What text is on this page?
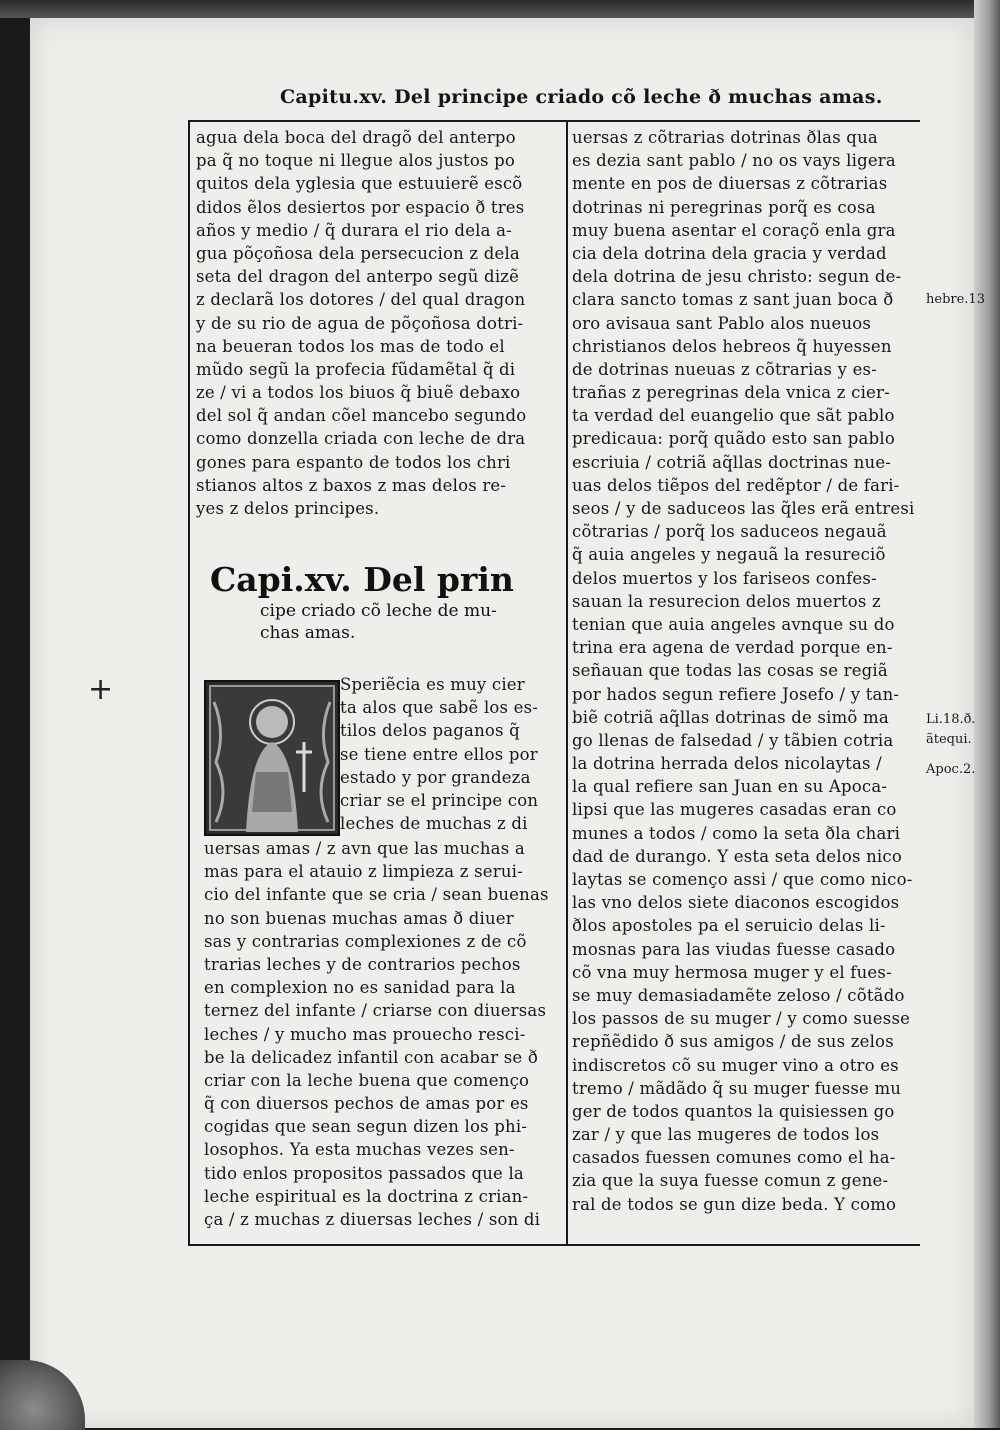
Capitu.xv. Del principe criado cõ leche ð muchas amas.
agua dela boca del dragõ del anterpo
pa q̃ no toque ni llegue alos justos po
quitos dela yglesia que estuuierẽ escõ
didos ẽlos desiertos por espacio ð tres
años y medio / q̃ durara el rio dela a-
gua põçoñosa dela persecucion z dela
seta del dragon del anterpo segũ dizẽ
z declarã los dotores / del qual dragon
y de su rio de agua de põçoñosa dotri-
na beueran todos los mas de todo el
mũdo segũ la profecia fũdamẽtal q̃ di
ze / vi a todos los biuos q̃ biuẽ debaxo
del sol q̃ andan cõel mancebo segundo
como donzella criada con leche de dra
gones para espanto de todos los chri
stianos altos z baxos z mas delos re-
yes z delos principes.
Capi.xv. Del prin
cipe criado cõ leche de mu-
chas amas.
Speriẽcia es muy cier
ta alos que sabẽ los es-
tilos delos paganos q̃
se tiene entre ellos por
estado y por grandeza
criar se el principe con
leches de muchas z di
uersas amas / z avn que las muchas a
mas para el atauio z limpieza z serui-
cio del infante que se cria / sean buenas
no son buenas muchas amas ð diuer
sas y contrarias complexiones z de cõ
trarias leches y de contrarios pechos
en complexion no es sanidad para la
ternez del infante / criarse con diuersas
leches / y mucho mas prouecho resci-
be la delicadez infantil con acabar se ð
criar con la leche buena que començo
q̃ con diuersos pechos de amas por es
cogidas que sean segun dizen los phi-
losophos. Ya esta muchas vezes sen-
tido enlos propositos passados que la
leche espiritual es la doctrina z crian-
ça / z muchas z diuersas leches / son di
uersas z cõtrarias dotrinas ðlas qua
es dezia sant pablo / no os vays ligera
mente en pos de diuersas z cõtrarias
dotrinas ni peregrinas porq̃ es cosa
muy buena asentar el coraçõ enla gra
cia dela dotrina dela gracia y verdad
dela dotrina de jesu christo: segun de-
clara sancto tomas z sant juan boca ð
oro avisaua sant Pablo alos nueuos
christianos delos hebreos q̃ huyessen
de dotrinas nueuas z cõtrarias y es-
trañas z peregrinas dela vnica z cier-
ta verdad del euangelio que sãt pablo
predicaua: porq̃ quãdo esto san pablo
escriuia / cotriã aq̃llas doctrinas nue-
uas delos tiẽpos del redẽptor / de fari-
seos / y de saduceos las q̃les erã entresi
cõtrarias / porq̃ los saduceos negauã
q̃ auia angeles y negauã la resureciõ
delos muertos y los fariseos confes-
sauan la resurecion delos muertos z
tenian que auia angeles avnque su do
trina era agena de verdad porque en-
señauan que todas las cosas se regiã
por hados segun refiere Josefo / y tan-
biẽ cotriã aq̃llas dotrinas de simõ ma
go llenas de falsedad / y tãbien cotria
la dotrina herrada delos nicolaytas /
la qual refiere san Juan en su Apoca-
lipsi que las mugeres casadas eran co
munes a todos / como la seta ðla chari
dad de durango. Y esta seta delos nico
laytas se començo assi / que como nico-
las vno delos siete diaconos escogidos
ðlos apostoles pa el seruicio delas li-
mosnas para las viudas fuesse casado
cõ vna muy hermosa muger y el fues-
se muy demasiadamẽte zeloso / cõtãdo
los passos de su muger / y como suesse
repñẽdido ð sus amigos / de sus zelos
indiscretos cõ su muger vino a otro es
tremo / mãdãdo q̃ su muger fuesse mu
ger de todos quantos la quisiessen go
zar / y que las mugeres de todos los
casados fuessen comunes como el ha-
zia que la suya fuesse comun z gene-
ral de todos se gun dize beda. Y como
hebre.13
Li.18.ð.
ãtequi.
Apoc.2.
+
